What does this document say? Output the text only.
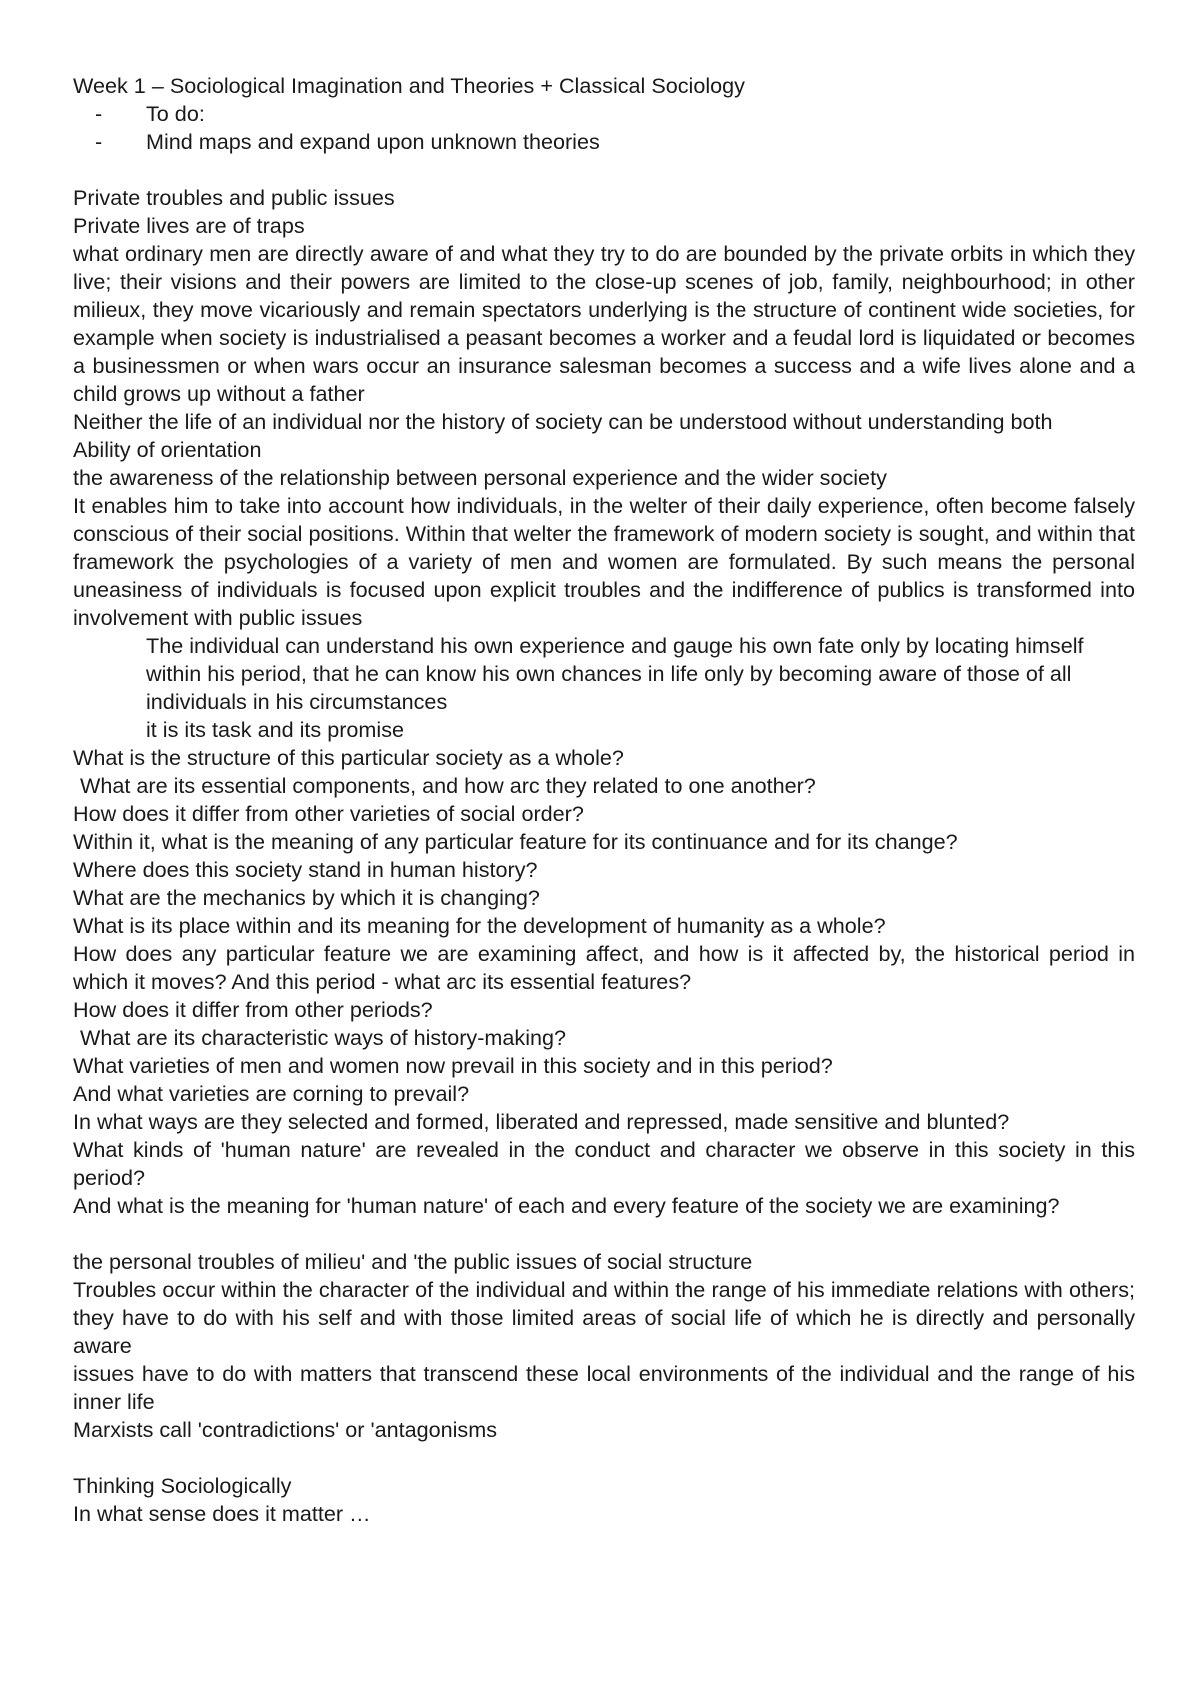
Week 1 – Sociological Imagination and Theories + Classical Sociology

- To do:
- Mind maps and expand upon unknown theories

Private troubles and public issues

Private lives are of traps

what ordinary men are directly aware of and what they try to do are bounded by the private orbits in which they live; their visions and their powers are limited to the close-up scenes of job, family, neighbourhood; in other milieux, they move vicariously and remain spectators underlying is the structure of continent wide societies, for example when society is industrialised a peasant becomes a worker and a feudal lord is liquidated or becomes a businessmen or when wars occur an insurance salesman becomes a success and a wife lives alone and a child grows up without a father

Neither the life of an individual nor the history of society can be understood without understanding both

Ability of orientation

the awareness of the relationship between personal experience and the wider society

It enables him to take into account how individuals, in the welter of their daily experience, often become falsely conscious of their social positions. Within that welter the framework of modern society is sought, and within that framework the psychologies of a variety of men and women are formulated. By such means the personal uneasiness of individuals is focused upon explicit troubles and the indifference of publics is transformed into involvement with public issues

The individual can understand his own experience and gauge his own fate only by locating himself within his period, that he can know his own chances in life only by becoming aware of those of all individuals in his circumstances

it is its task and its promise

What is the structure of this particular society as a whole?

What are its essential components, and how arc they related to one another?

How does it differ from other varieties of social order?

Within it, what is the meaning of any particular feature for its continuance and for its change?

Where does this society stand in human history?

What are the mechanics by which it is changing?

What is its place within and its meaning for the development of humanity as a whole?

How does any particular feature we are examining affect, and how is it affected by, the historical period in which it moves? And this period - what arc its essential features?

How does it differ from other periods?

What are its characteristic ways of history-making?

What varieties of men and women now prevail in this society and in this period?

And what varieties are corning to prevail?

In what ways are they selected and formed, liberated and repressed, made sensitive and blunted?

What kinds of 'human nature' are revealed in the conduct and character we observe in this society in this period?

And what is the meaning for 'human nature' of each and every feature of the society we are examining?

the personal troubles of milieu' and 'the public issues of social structure

Troubles occur within the character of the individual and within the range of his immediate relations with others; they have to do with his self and with those limited areas of social life of which he is directly and personally aware

issues have to do with matters that transcend these local environments of the individual and the range of his inner life

Marxists call 'contradictions' or 'antagonisms

Thinking Sociologically

In what sense does it matter …
